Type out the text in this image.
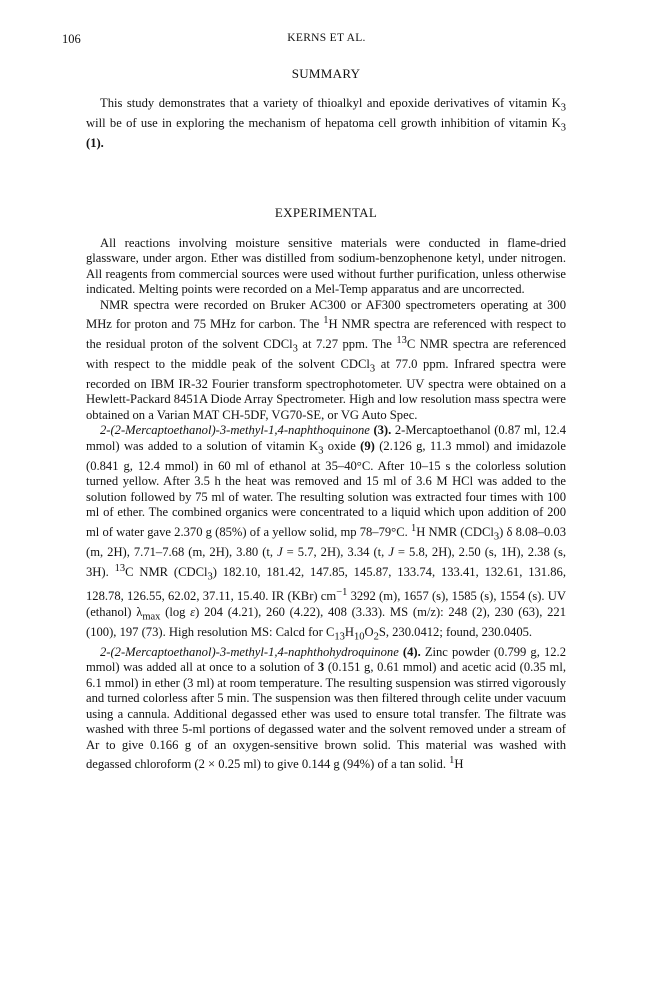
106	KERNS ET AL.
SUMMARY

This study demonstrates that a variety of thioalkyl and epoxide derivatives of vitamin $K_3$ will be of use in exploring the mechanism of hepatoma cell growth inhibition of vitamin $K_3$ (1).

EXPERIMENTAL

All reactions involving moisture sensitive materials were conducted in flame-dried glassware, under argon. Ether was distilled from sodium-benzophenone ketyl, under nitrogen. All reagents from commercial sources were used without further purification, unless otherwise indicated. Melting points were recorded on a Mel-Temp apparatus and are uncorrected.

NMR spectra were recorded on Bruker AC300 or AF300 spectrometers operating at 300 MHz for proton and 75 MHz for carbon. The $^1$H NMR spectra are referenced with respect to the residual proton of the solvent CDCl$_3$ at 7.27 ppm. The $^{13}$C NMR spectra are referenced with respect to the middle peak of the solvent CDCl$_3$ at 77.0 ppm. Infrared spectra were recorded on IBM IR-32 Fourier transform spectrophotometer. UV spectra were obtained on a Hewlett-Packard 8451A Diode Array Spectrometer. High and low resolution mass spectra were obtained on a Varian MAT CH-5DF, VG70-SE, or VG Auto Spec.

2-(2-Mercaptoethanol)-3-methyl-1,4-naphthoquinone (3). 2-Mercaptoethanol (0.87 ml, 12.4 mmol) was added to a solution of vitamin $K_3$ oxide (9) (2.126 g, 11.3 mmol) and imidazole (0.841 g, 12.4 mmol) in 60 ml of ethanol at 35–40°C. After 10–15 s the colorless solution turned yellow. After 3.5 h the heat was removed and 15 ml of 3.6 M HCl was added to the solution followed by 75 ml of water. The resulting solution was extracted four times with 100 ml of ether. The combined organics were concentrated to a liquid which upon addition of 200 ml of water gave 2.370 g (85%) of a yellow solid, mp 78–79°C. $^1$H NMR (CDCl$_3$) δ 8.08–0.03 (m, 2H), 7.71–7.68 (m, 2H), 3.80 (t, J = 5.7, 2H), 3.34 (t, J = 5.8, 2H), 2.50 (s, 1H), 2.38 (s, 3H). $^{13}$C NMR (CDCl$_3$) 182.10, 181.42, 147.85, 145.87, 133.74, 133.41, 132.61, 131.86, 128.78, 126.55, 62.02, 37.11, 15.40. IR (KBr) $cm^{-1}$ 3292 (m), 1657 (s), 1585 (s), 1554 (s). UV (ethanol) $\lambda_{max}$ (log ε) 204 (4.21), 260 (4.22), 408 (3.33). MS (m/z): 248 (2), 230 (63), 221 (100), 197 (73). High resolution MS: Calcd for $C_{13}H_{10}O_2S$, 230.0412; found, 230.0405.

2-(2-Mercaptoethanol)-3-methyl-1,4-naphthohydroquinone (4). Zinc powder (0.799 g, 12.2 mmol) was added all at once to a solution of 3 (0.151 g, 0.61 mmol) and acetic acid (0.35 ml, 6.1 mmol) in ether (3 ml) at room temperature. The resulting suspension was stirred vigorously and turned colorless after 5 min. The suspension was then filtered through celite under vacuum using a cannula. Additional degassed ether was used to ensure total transfer. The filtrate was washed with three 5-ml portions of degassed water and the solvent removed under a stream of Ar to give 0.166 g of an oxygen-sensitive brown solid. This material was washed with degassed chloroform (2 × 0.25 ml) to give 0.144 g (94%) of a tan solid. $^1$H
